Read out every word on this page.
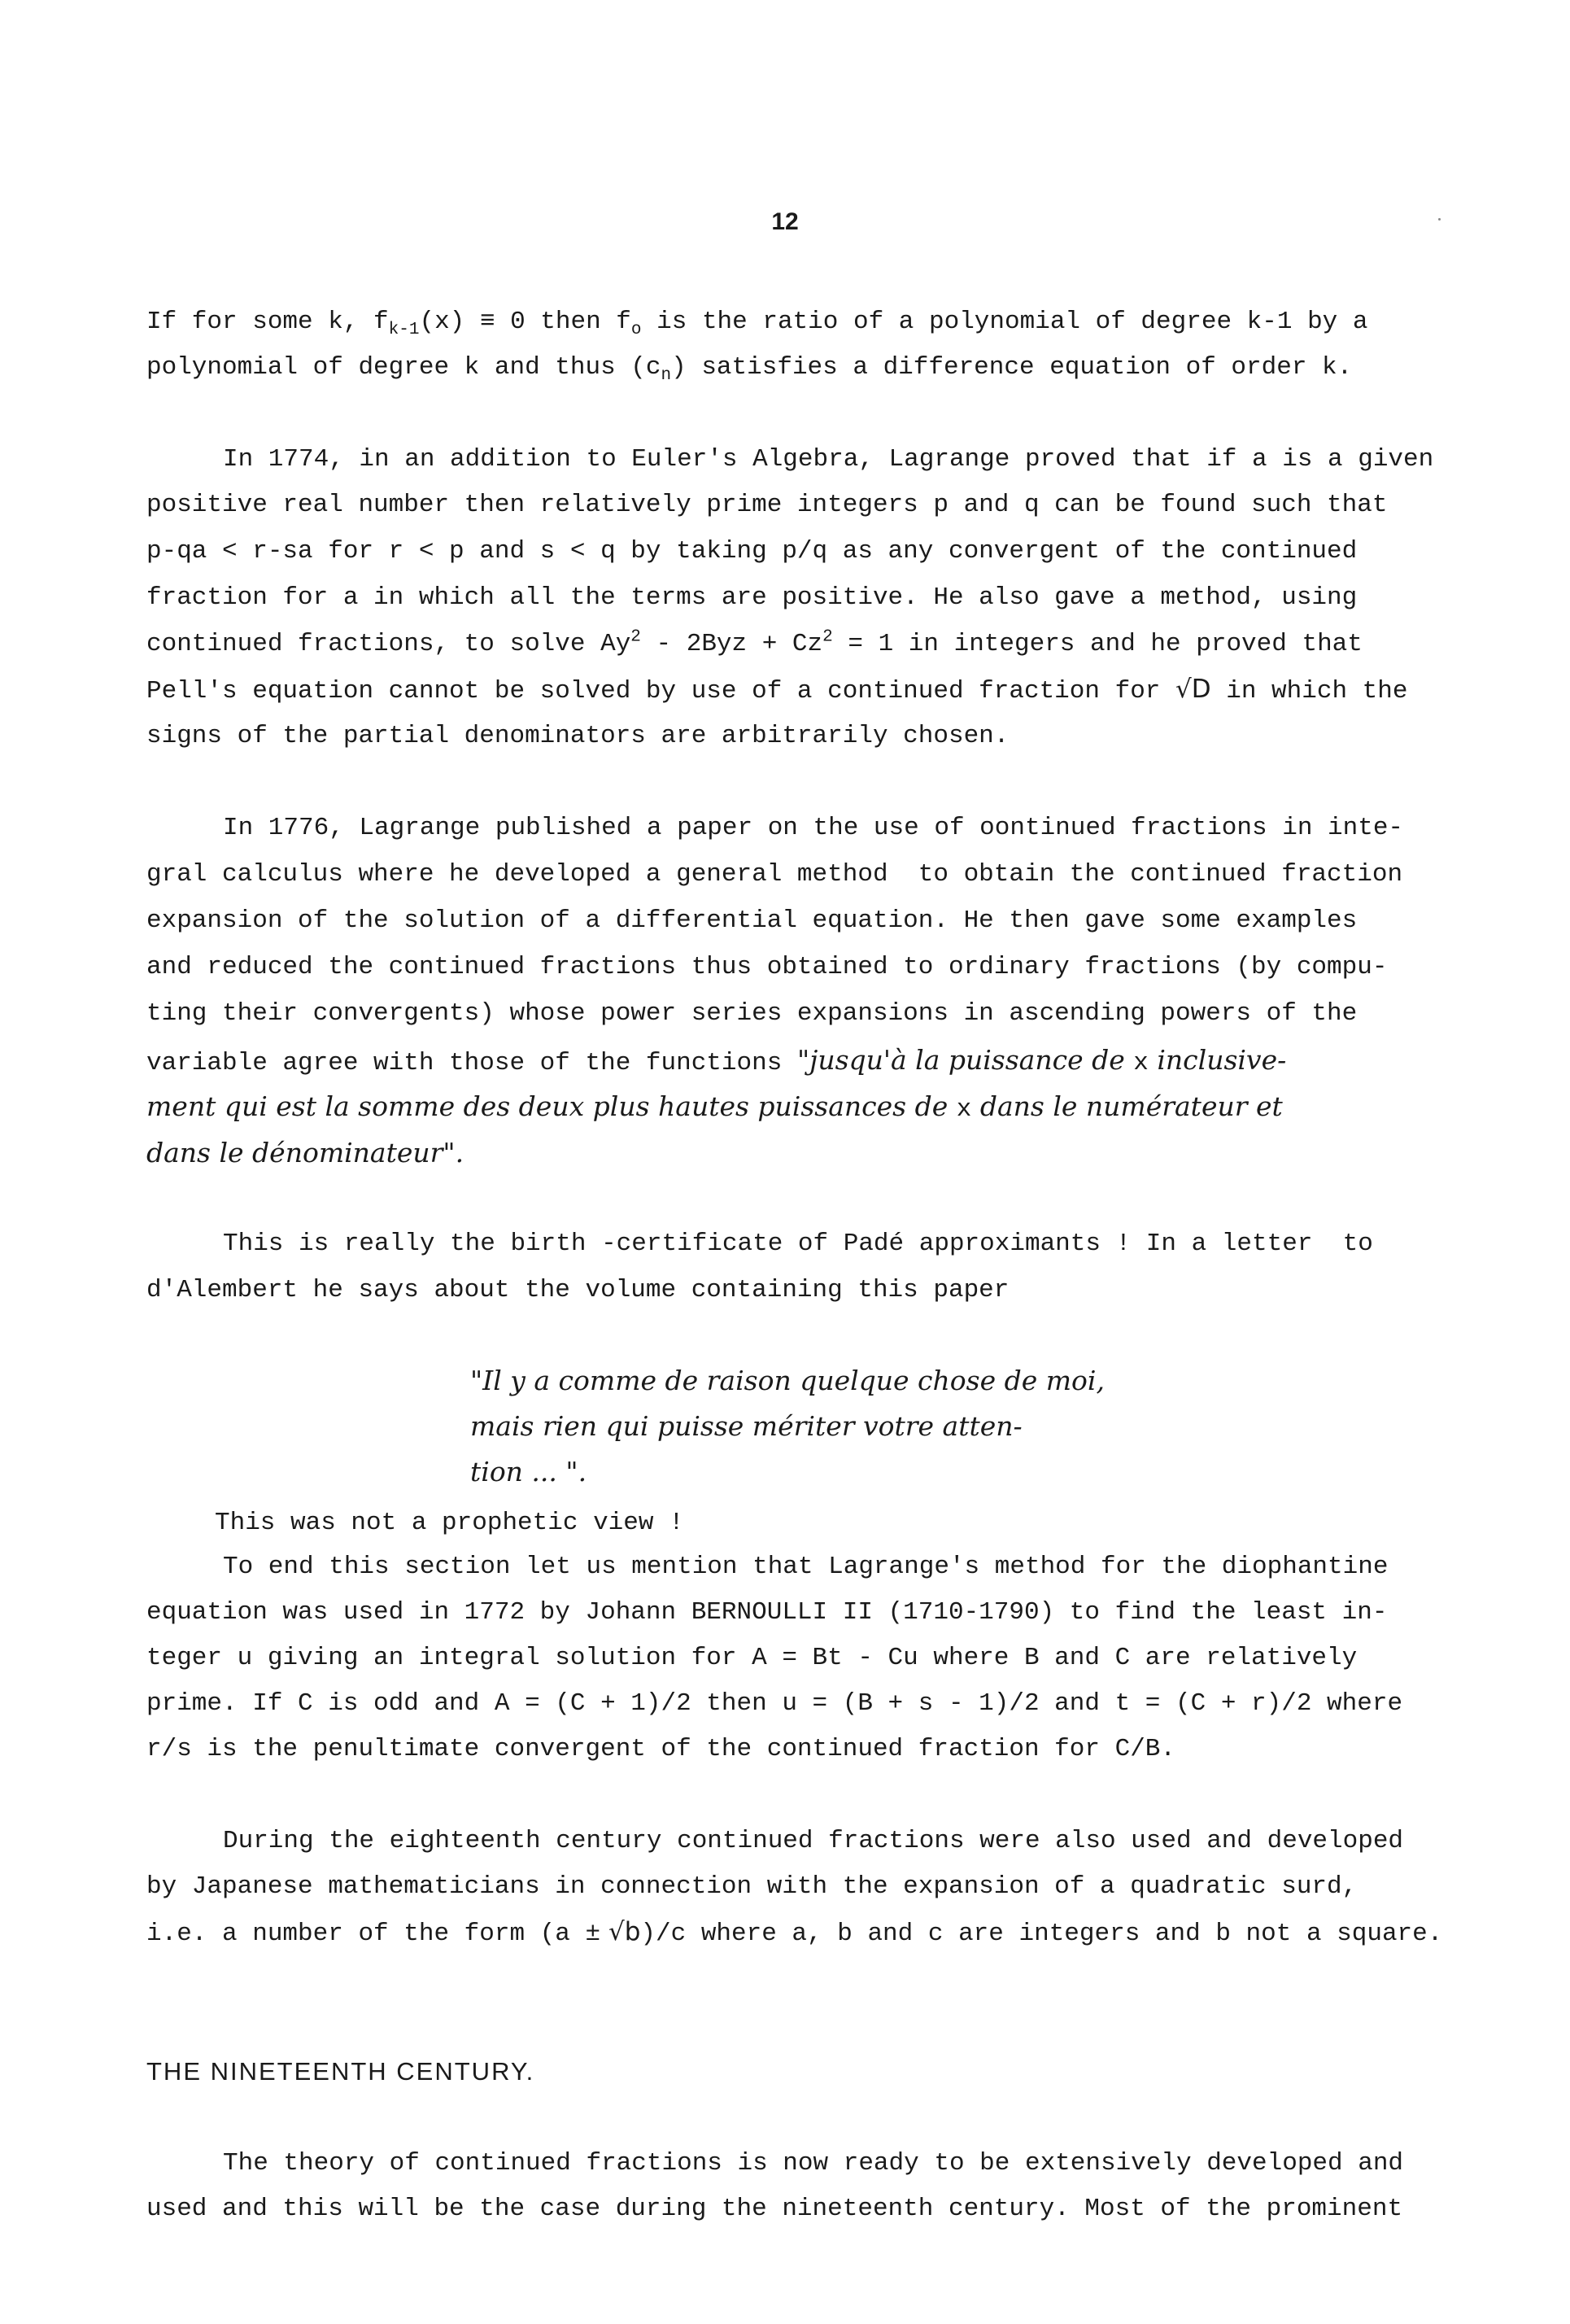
12
If for some k, $f_{k-1}(x) \equiv 0$ then $f_o$ is the ratio of a polynomial of degree k-1 by a
polynomial of degree k and thus $(c_n)$ satisfies a difference equation of order k.
In 1774, in an addition to Euler's Algebra, Lagrange proved that if a is a given
positive real number then relatively prime integers p and q can be found such that
p-qa < r-sa for r < p and s < q by taking p/q as any convergent of the continued
fraction for a in which all the terms are positive. He also gave a method, using
continued fractions, to solve $Ay^2 - 2Byz + Cz^2 = 1$ in integers and he proved that
Pell's equation cannot be solved by use of a continued fraction for √D in which the
signs of the partial denominators are arbitrarily chosen.
In 1776, Lagrange published a paper on the use of oontinued fractions in inte-
gral calculus where he developed a general method  to obtain the continued fraction
expansion of the solution of a differential equation. He then gave some examples
and reduced the continued fractions thus obtained to ordinary fractions (by compu-
ting their convergents) whose power series expansions in ascending powers of the
variable agree with those of the functions "jusqu'à la puissance de x inclusive-
ment qui est la somme des deux plus hautes puissances de x dans le numérateur et
dans le dénominateur".
This is really the birth -certificate of Padé approximants ! In a letter  to
d'Alembert he says about the volume containing this paper
"Il y a comme de raison quelque chose de moi,
mais rien qui puisse mériter votre atten-
tion ... ".
This was not a prophetic view !
To end this section let us mention that Lagrange's method for the diophantine
equation was used in 1772 by Johann BERNOULLI II (1710-1790) to find the least in-
teger u giving an integral solution for A = Bt - Cu where B and C are relatively
prime. If C is odd and A = (C + 1)/2 then u = (B + s - 1)/2 and t = (C + r)/2 where
r/s is the penultimate convergent of the continued fraction for C/B.
During the eighteenth century continued fractions were also used and developed
by Japanese mathematicians in connection with the expansion of a quadratic surd,
i.e. a number of the form (a ± √b)/c where a, b and c are integers and b not a square.
THE NINETEENTH CENTURY.
The theory of continued fractions is now ready to be extensively developed and
used and this will be the case during the nineteenth century. Most of the prominent
